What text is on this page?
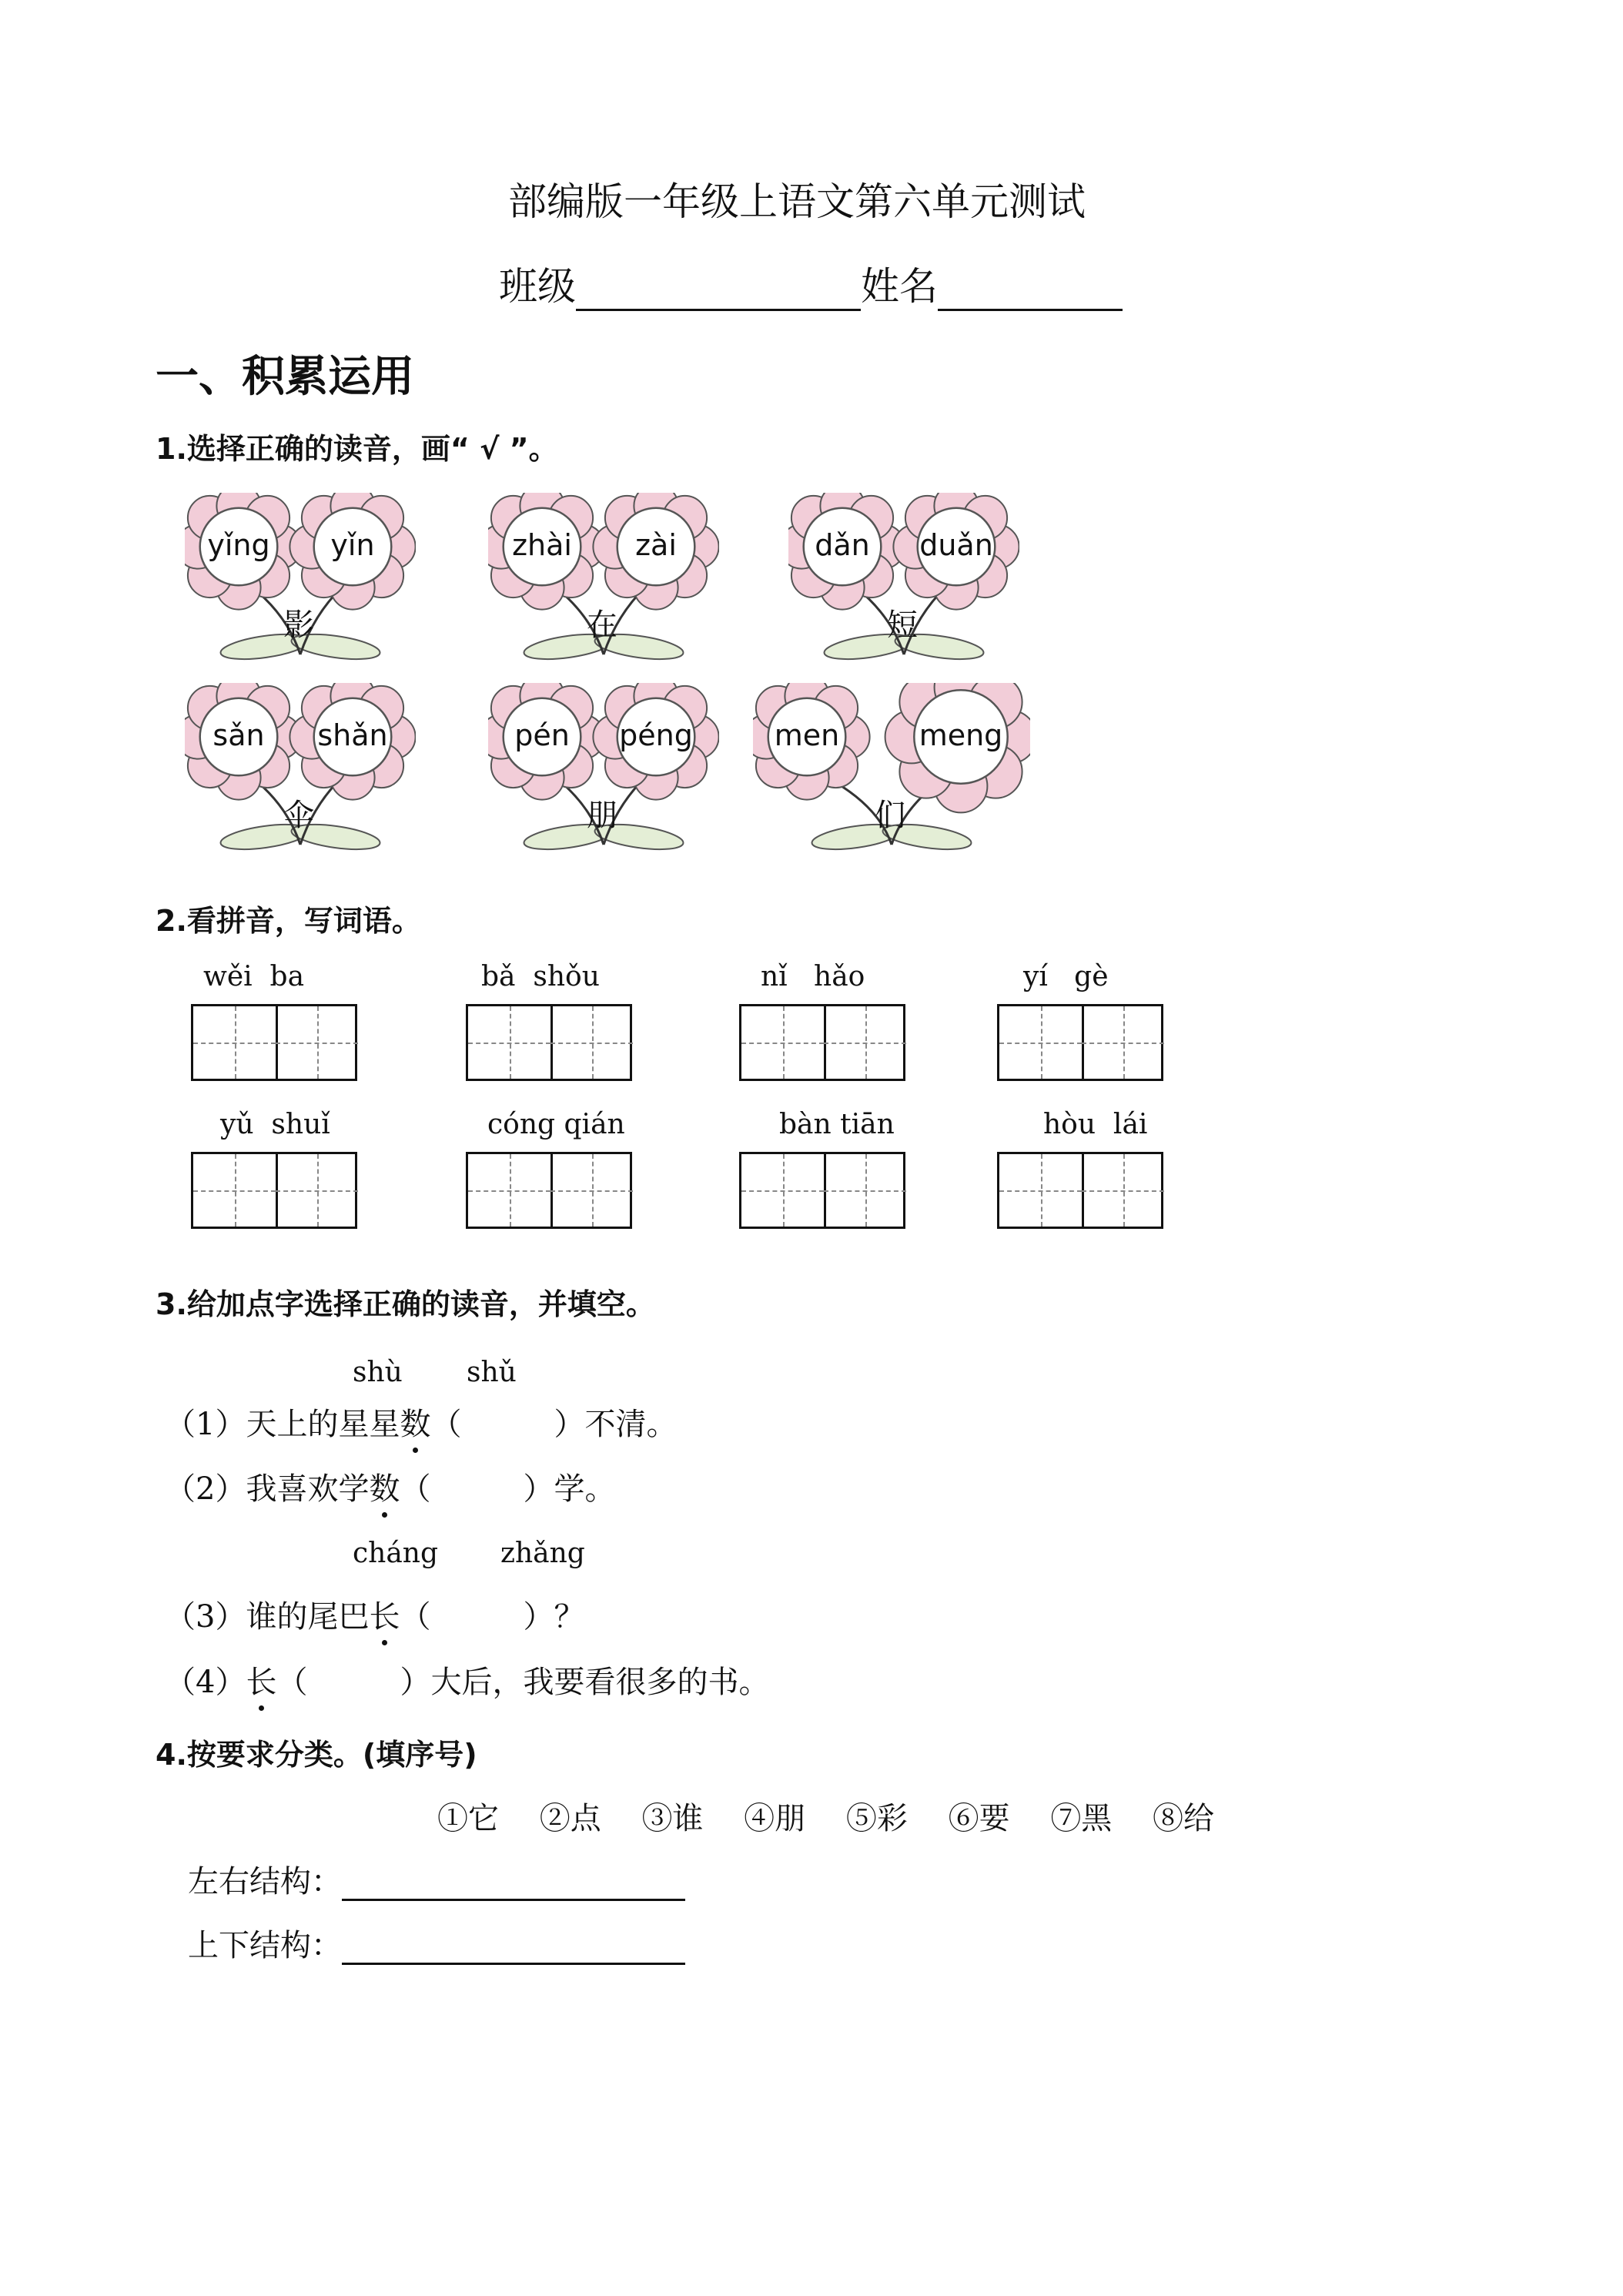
部编版一年级上语文第六单元测试
班级	姓名
一、积累运用
1.选择正确的读音，画“ √ ”。
yǐng	yǐn
影
zhài	zài
在
dǎn	duǎn
短
sǎn	shǎn
伞
pén	péng
朋
men	meng
们
2.看拼音，写词语。
wěi  ba	bǎ  shǒu	nǐ   hǎo	yí   gè
yǔ  shuǐ	cóng qián	bàn tiān	hòu  lái
3.给加点字选择正确的读音，并填空。
shù shǔ
（1）天上的星星数（　　　）不清。
（2）我喜欢学数（　　　）学。
cháng zhǎng
（3）谁的尾巴长（　　　）？
（4）长（　　　）大后，我要看很多的书。
4.按要求分类。(填序号)
①它 ②点 ③谁 ④朋 ⑤彩 ⑥要 ⑦黑 ⑧给
左右结构：
上下结构：
